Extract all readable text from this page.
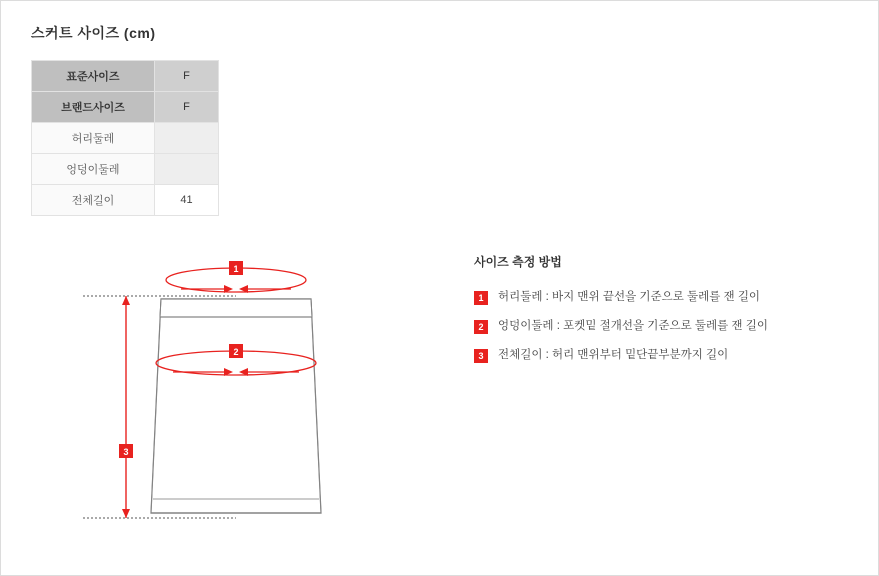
스커트 사이즈 (cm)
표준사이즈	F
브랜드사이즈	F
허리둘레	
엉덩이둘레	
전체길이	41
1
2
3
사이즈 측정 방법
1	허리둘레 : 바지 맨위 끝선을 기준으로 둘레를 잰 길이
2	엉덩이둘레 : 포켓밑 절개선을 기준으로 둘레를 잰 길이
3	전체길이 : 허리 맨위부터 밑단끝부분까지 길이
